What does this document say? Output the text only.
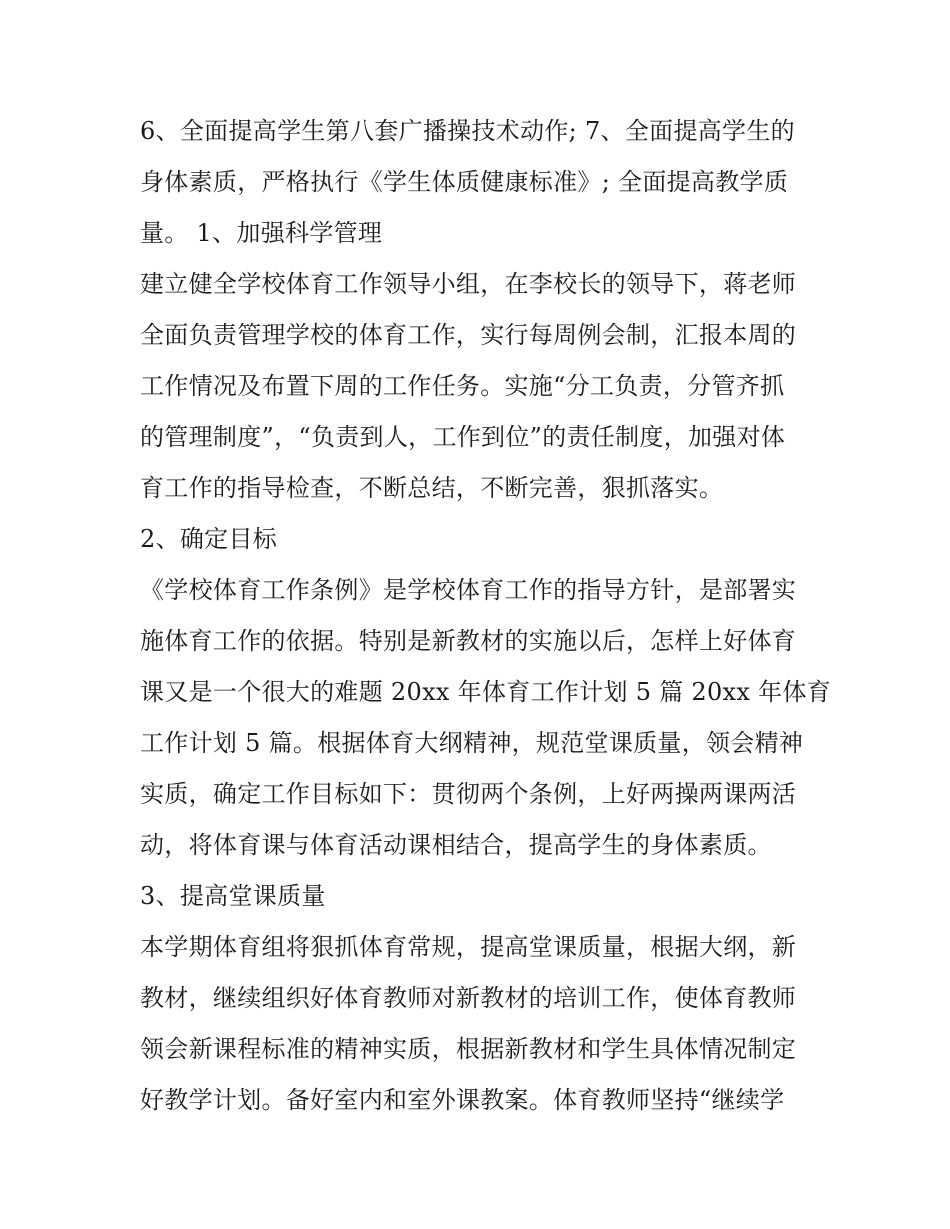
6、全面提高学生第八套广播操技术动作; 7、全面提高学生的
身体素质，严格执行《学生体质健康标准》; 全面提高教学质
量。 1、加强科学管理
建立健全学校体育工作领导小组，在李校长的领导下，蒋老师
全面负责管理学校的体育工作，实行每周例会制，汇报本周的
工作情况及布置下周的工作任务。实施“分工负责，分管齐抓
的管理制度”，“负责到人，工作到位”的责任制度，加强对体
育工作的指导检查，不断总结，不断完善，狠抓落实。
2、确定目标
《学校体育工作条例》是学校体育工作的指导方针，是部署实
施体育工作的依据。特别是新教材的实施以后，怎样上好体育
课又是一个很大的难题 20xx 年体育工作计划 5 篇 20xx 年体育
工作计划 5 篇。根据体育大纲精神，规范堂课质量，领会精神
实质，确定工作目标如下：贯彻两个条例，上好两操两课两活
动，将体育课与体育活动课相结合，提高学生的身体素质。
3、提高堂课质量
本学期体育组将狠抓体育常规，提高堂课质量，根据大纲，新
教材，继续组织好体育教师对新教材的培训工作，使体育教师
领会新课程标准的精神实质，根据新教材和学生具体情况制定
好教学计划。备好室内和室外课教案。体育教师坚持“继续学
